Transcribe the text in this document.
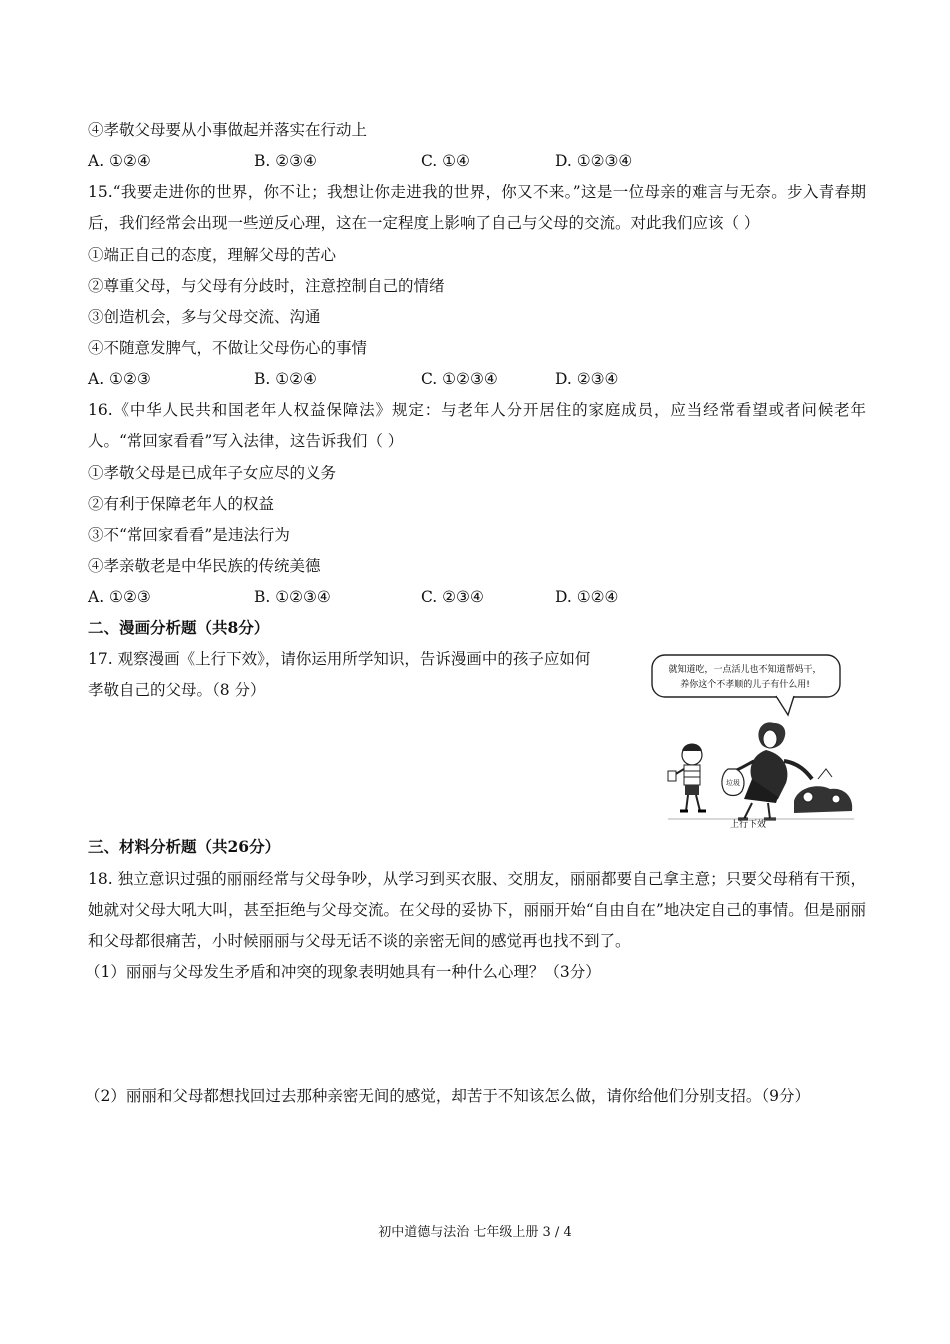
④孝敬父母要从小事做起并落实在行动上
A. ①②④	B. ②③④	C. ①④	D. ①②③④
15.“我要走进你的世界，你不让；我想让你走进我的世界，你又不来。”这是一位母亲的难言与无奈。步入青春期后，我们经常会出现一些逆反心理，这在一定程度上影响了自己与父母的交流。对此我们应该（ ）
①端正自己的态度，理解父母的苦心
②尊重父母，与父母有分歧时，注意控制自己的情绪
③创造机会，多与父母交流、沟通
④不随意发脾气，不做让父母伤心的事情
A. ①②③	B. ①②④	C. ①②③④	D. ②③④
16.《中华人民共和国老年人权益保障法》规定：与老年人分开居住的家庭成员，应当经常看望或者问候老年人。“常回家看看”写入法律，这告诉我们（ ）
①孝敬父母是已成年子女应尽的义务
②有利于保障老年人的权益
③不“常回家看看”是违法行为
④孝亲敬老是中华民族的传统美德
A. ①②③	B. ①②③④	C. ②③④	D. ①②④
二、漫画分析题（共8分）
17. 观察漫画《上行下效》，请你运用所学知识，告诉漫画中的孩子应如何
孝敬自己的父母。（8 分）
就知道吃，一点活儿也不知道帮妈干，
养你这个不孝顺的儿子有什么用!
垃圾
上行下效
三、材料分析题（共26分）
18. 独立意识过强的丽丽经常与父母争吵，从学习到买衣服、交朋友，丽丽都要自己拿主意；只要父母稍有干预，她就对父母大吼大叫，甚至拒绝与父母交流。在父母的妥协下，丽丽开始“自由自在”地决定自己的事情。但是丽丽和父母都很痛苦，小时候丽丽与父母无话不谈的亲密无间的感觉再也找不到了。
（1）丽丽与父母发生矛盾和冲突的现象表明她具有一种什么心理？（3分）
（2）丽丽和父母都想找回过去那种亲密无间的感觉，却苦于不知该怎么做，请你给他们分别支招。（9分）
初中道德与法治 七年级上册 3 / 4
